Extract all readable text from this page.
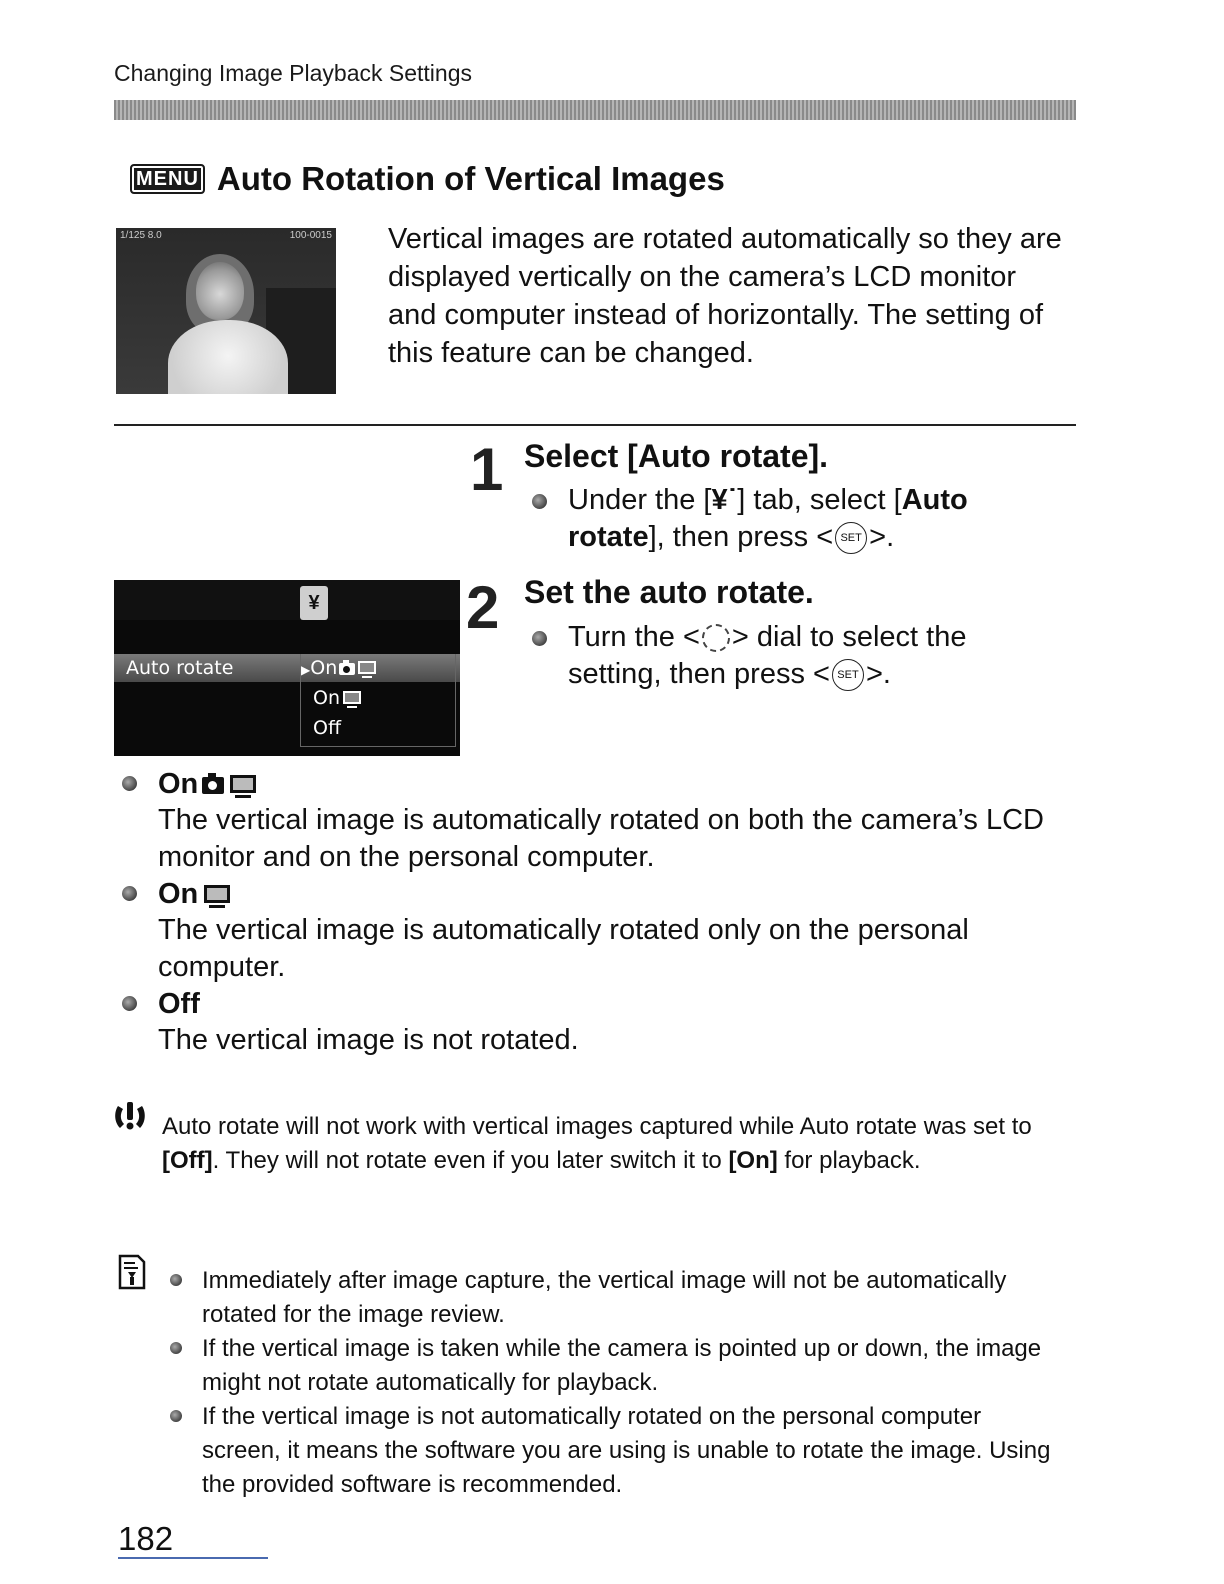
Changing Image Playback Settings
MENU Auto Rotation of Vertical Images
1/125 8.0	100-0015 Vertical images are rotated automatically so they are displayed vertically on the camera’s LCD monitor and computer instead of horizontally. The setting of this feature can be changed.
1 Select [Auto rotate].
Under the [¥˙] tab, select [Auto rotate], then press < SET >.
¥
Auto rotate	▶On
On
Off
2 Set the auto rotate.
Turn the < > dial to select the setting, then press < SET >.
On
The vertical image is automatically rotated on both the camera’s LCD monitor and on the personal computer.
On
The vertical image is automatically rotated only on the personal computer.
Off
The vertical image is not rotated.
Auto rotate will not work with vertical images captured while Auto rotate was set to [Off]. They will not rotate even if you later switch it to [On] for playback.
Immediately after image capture, the vertical image will not be automatically rotated for the image review.
If the vertical image is taken while the camera is pointed up or down, the image might not rotate automatically for playback.
If the vertical image is not automatically rotated on the personal computer screen, it means the software you are using is unable to rotate the image. Using the provided software is recommended.
182
